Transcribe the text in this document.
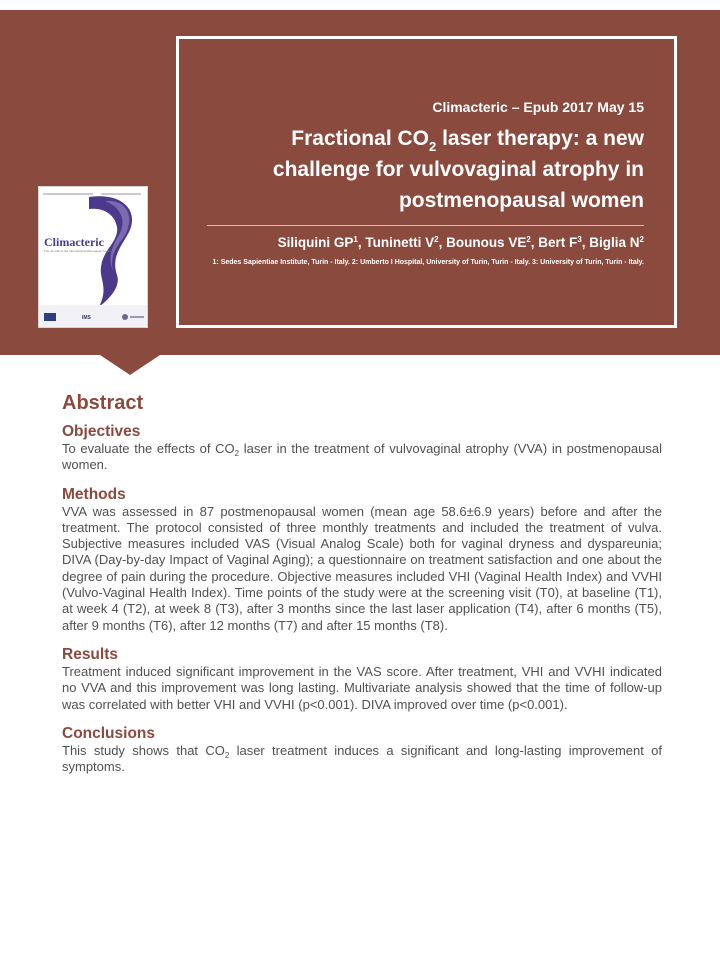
Climacteric
The Journal of the International Menopause Society
IMS
Climacteric – Epub 2017 May 15
Fractional $CO_2$ laser therapy: a new challenge for vulvovaginal atrophy in postmenopausal women
Siliquini $GP^1$, Tuninetti $V^2$, Bounous $VE^2$, Bert $F^3$, Biglia $N^2$
1: Sedes Sapientiae Institute, Turin - Italy. 2: Umberto I Hospital, University of Turin, Turin - Italy. 3: University of Turin, Turin - Italy.
Abstract
Objectives

To evaluate the effects of $CO_2$ laser in the treatment of vulvovaginal atrophy (VVA) in postmenopausal women.

Methods

VVA was assessed in 87 postmenopausal women (mean age 58.6±6.9 years) before and after the treatment. The protocol consisted of three monthly treatments and included the treatment of vulva. Subjective measures included VAS (Visual Analog Scale) both for vaginal dryness and dyspareunia; DIVA (Day-by-day Impact of Vaginal Aging); a questionnaire on treatment satisfaction and one about the degree of pain during the procedure. Objective measures included VHI (Vaginal Health Index) and VVHI (Vulvo-Vaginal Health Index). Time points of the study were at the screening visit (T0), at baseline (T1), at week 4 (T2), at week 8 (T3), after 3 months since the last laser application (T4), after 6 months (T5), after 9 months (T6), after 12 months (T7) and after 15 months (T8).

Results

Treatment induced significant improvement in the VAS score. After treatment, VHI and VVHI indicated no VVA and this improvement was long lasting. Multivariate analysis showed that the time of follow-up was correlated with better VHI and VVHI (p<0.001). DIVA improved over time (p<0.001).

Conclusions

This study shows that $CO_2$ laser treatment induces a significant and long-lasting improvement of symptoms.
